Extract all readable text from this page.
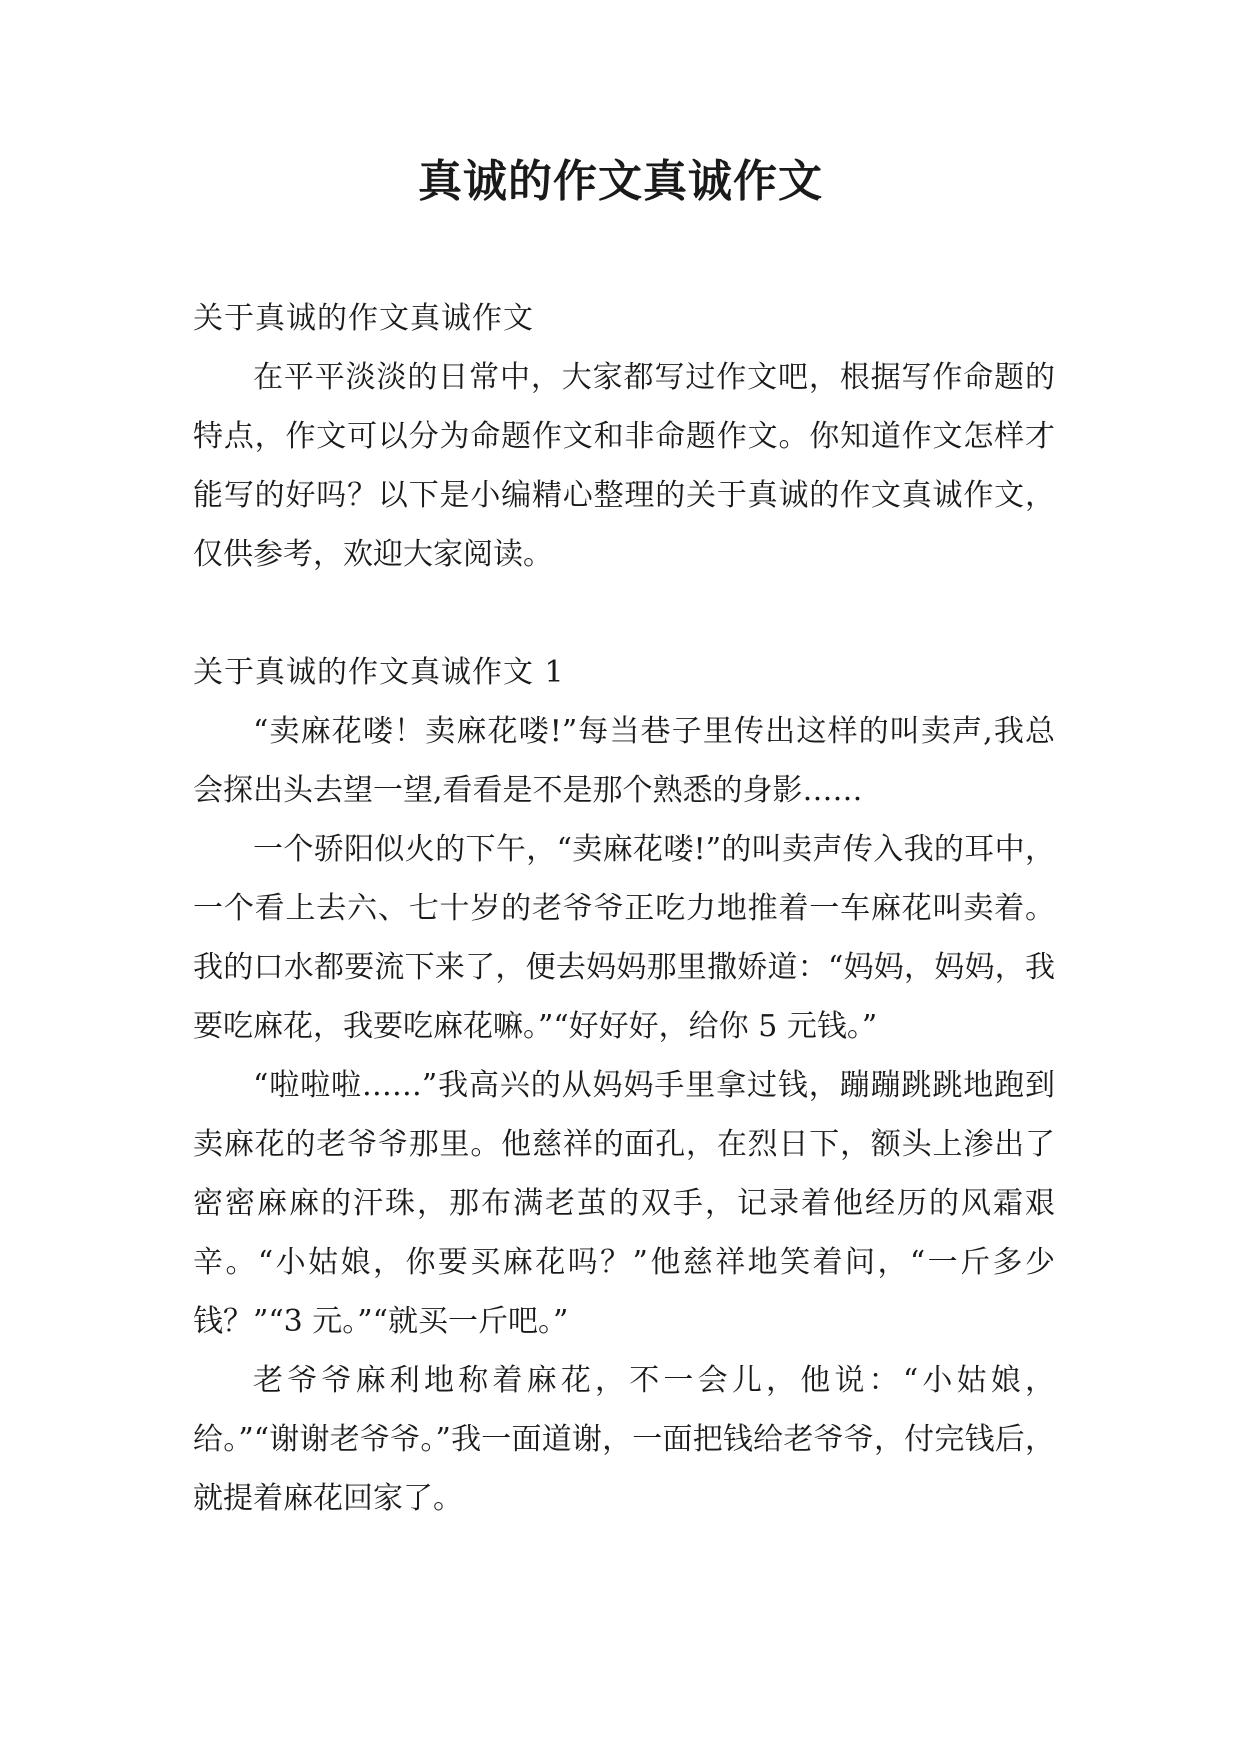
真诚的作文真诚作文

关于真诚的作文真诚作文

在平平淡淡的日常中，大家都写过作文吧，根据写作命题的特点，作文可以分为命题作文和非命题作文。你知道作文怎样才能写的好吗？以下是小编精心整理的关于真诚的作文真诚作文，仅供参考，欢迎大家阅读。

关于真诚的作文真诚作文 1

“卖麻花喽！卖麻花喽!”每当巷子里传出这样的叫卖声,我总会探出头去望一望,看看是不是那个熟悉的身影……

一个骄阳似火的下午，“卖麻花喽!”的叫卖声传入我的耳中，一个看上去六、七十岁的老爷爷正吃力地推着一车麻花叫卖着。我的口水都要流下来了，便去妈妈那里撒娇道：“妈妈，妈妈，我要吃麻花，我要吃麻花嘛。”“好好好，给你 5 元钱。”

“啦啦啦……”我高兴的从妈妈手里拿过钱，蹦蹦跳跳地跑到卖麻花的老爷爷那里。他慈祥的面孔，在烈日下，额头上渗出了密密麻麻的汗珠，那布满老茧的双手，记录着他经历的风霜艰辛。“小姑娘，你要买麻花吗？”他慈祥地笑着问，“一斤多少钱？”“3 元。”“就买一斤吧。”

老爷爷麻利地称着麻花，不一会儿，他说：“小姑娘，给。”“谢谢老爷爷。”我一面道谢，一面把钱给老爷爷，付完钱后，就提着麻花回家了。
